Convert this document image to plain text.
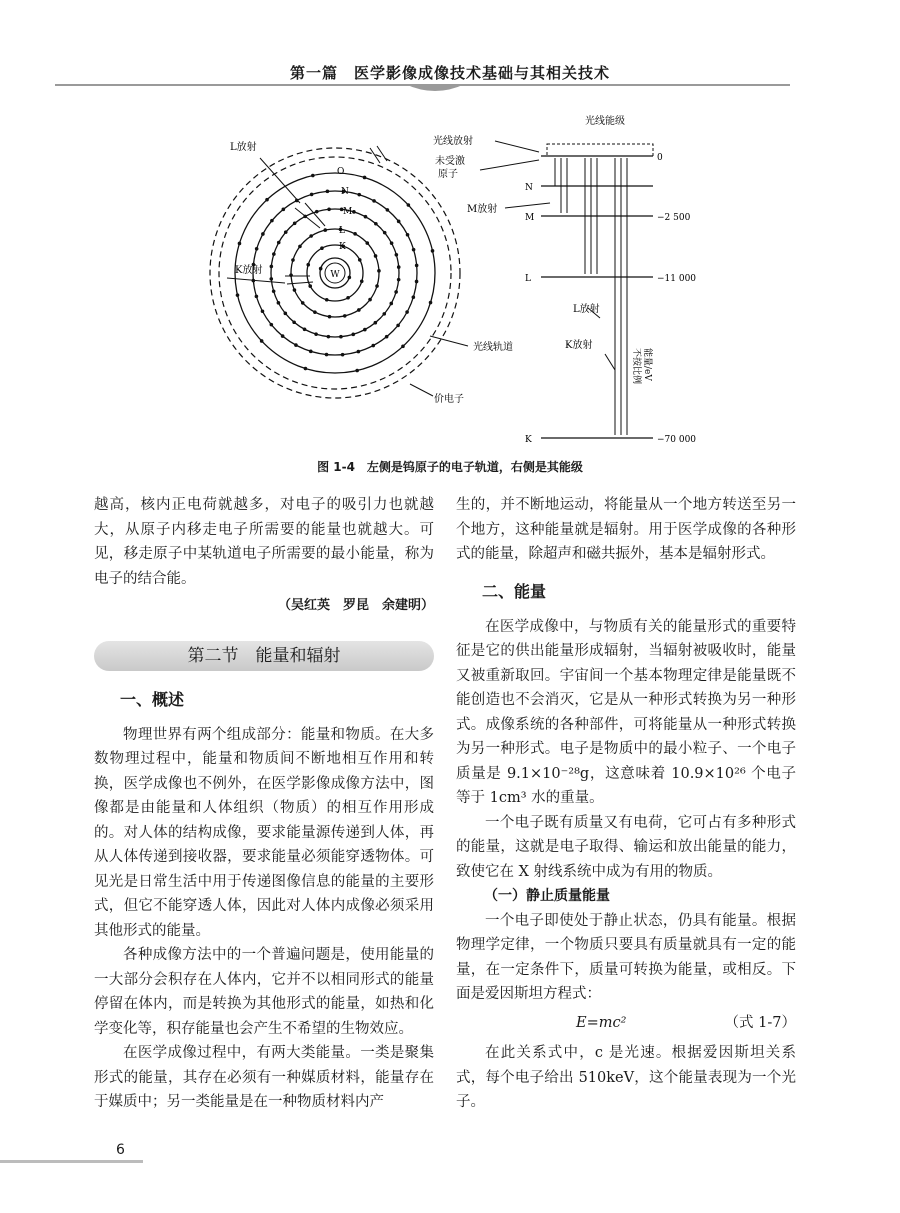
第一篇　医学影像成像技术基础与其相关技术
W
O
N
M
L
K
L放射
K放射
光线轨道
价电子
光线能级
光线放射
未受激原子
M放射
L放射
K放射
0
N
M	−2 500
L	−11 000
K	−70 000
能量/eV不按比例
图 1-4　左侧是钨原子的电子轨道，右侧是其能级

越高，核内正电荷就越多，对电子的吸引力也就越大，从原子内移走电子所需要的能量也就越大。可见，移走原子中某轨道电子所需要的最小能量，称为电子的结合能。

（吴红英　罗昆　余建明）
第二节　能量和辐射
一、概述

物理世界有两个组成部分：能量和物质。在大多数物理过程中，能量和物质间不断地相互作用和转换，医学成像也不例外，在医学影像成像方法中，图像都是由能量和人体组织（物质）的相互作用形成的。对人体的结构成像，要求能量源传递到人体，再从人体传递到接收器，要求能量必须能穿透物体。可见光是日常生活中用于传递图像信息的能量的主要形式，但它不能穿透人体，因此对人体内成像必须采用其他形式的能量。

各种成像方法中的一个普遍问题是，使用能量的一大部分会积存在人体内，它并不以相同形式的能量停留在体内，而是转换为其他形式的能量，如热和化学变化等，积存能量也会产生不希望的生物效应。

在医学成像过程中，有两大类能量。一类是聚集形式的能量，其存在必须有一种媒质材料，能量存在于媒质中；另一类能量是在一种物质材料内产

生的，并不断地运动，将能量从一个地方转送至另一个地方，这种能量就是辐射。用于医学成像的各种形式的能量，除超声和磁共振外，基本是辐射形式。

二、能量

在医学成像中，与物质有关的能量形式的重要特征是它的供出能量形成辐射，当辐射被吸收时，能量又被重新取回。宇宙间一个基本物理定律是能量既不能创造也不会消灭，它是从一种形式转换为另一种形式。成像系统的各种部件，可将能量从一种形式转换为另一种形式。电子是物质中的最小粒子、一个电子质量是 9.1×10⁻²⁸g，这意味着 10.9×10²⁶ 个电子等于 1cm³ 水的重量。

一个电子既有质量又有电荷，它可占有多种形式的能量，这就是电子取得、输运和放出能量的能力，致使它在 X 射线系统中成为有用的物质。

（一）静止质量能量

一个电子即使处于静止状态，仍具有能量。根据物理学定律，一个物质只要具有质量就具有一定的能量，在一定条件下，质量可转换为能量，或相反。下面是爱因斯坦方程式：

E=mc²	（式 1-7）

在此关系式中，c 是光速。根据爱因斯坦关系式，每个电子给出 510keV，这个能量表现为一个光子。

6
